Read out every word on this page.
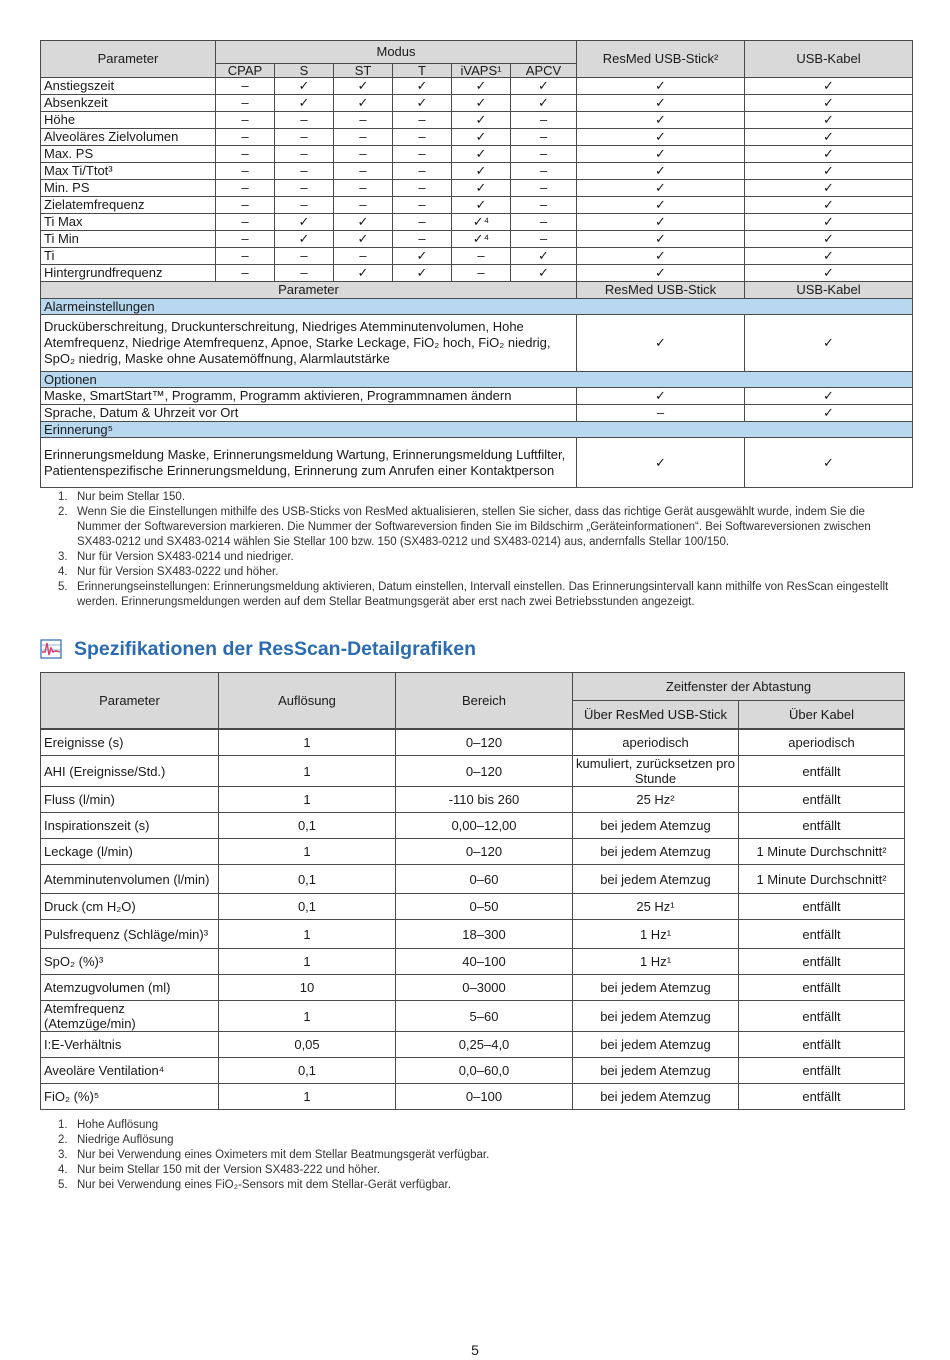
Parameter	Modus						ResMed USB-Stick²	USB-Kabel
	CPAP	S	ST	T	iVAPS¹	APCV		
Anstiegszeit	–	✓	✓	✓	✓	✓	✓	✓
Absenkzeit	–	✓	✓	✓	✓	✓	✓	✓
Höhe	–	–	–	–	✓	–	✓	✓
Alveoläres Zielvolumen	–	–	–	–	✓	–	✓	✓
Max. PS	–	–	–	–	✓	–	✓	✓
Max Ti/Ttot³	–	–	–	–	✓	–	✓	✓
Min. PS	–	–	–	–	✓	–	✓	✓
Zielatemfrequenz	–	–	–	–	✓	–	✓	✓
Ti Max	–	✓	✓	–	✓⁴	–	✓	✓
Ti Min	–	✓	✓	–	✓⁴	–	✓	✓
Ti	–	–	–	✓	–	✓	✓	✓
Hintergrundfrequenz	–	–	✓	✓	–	✓	✓	✓
Parameter							ResMed USB-Stick	USB-Kabel
Alarmeinstellungen								
Drucküberschreitung, Druckunterschreitung, Niedriges Atemminutenvolumen, Hohe Atemfrequenz, Niedrige Atemfrequenz, Apnoe, Starke Leckage, FiO₂ hoch, FiO₂ niedrig, SpO₂ niedrig, Maske ohne Ausatemöffnung, Alarmlautstärke							✓	✓
Optionen								
Maske, SmartStart™, Programm, Programm aktivieren, Programmnamen ändern							✓	✓
Sprache, Datum & Uhrzeit vor Ort							–	✓
Erinnerung⁵								
Erinnerungsmeldung Maske, Erinnerungsmeldung Wartung, Erinnerungsmeldung Luftfilter, Patientenspezifische Erinnerungsmeldung, Erinnerung zum Anrufen einer Kontaktperson							✓	✓
1. Nur beim Stellar 150.
2. Wenn Sie die Einstellungen mithilfe des USB-Sticks von ResMed aktualisieren, stellen Sie sicher, dass das richtige Gerät ausgewählt wurde, indem Sie die Nummer der Softwareversion markieren. Die Nummer der Softwareversion finden Sie im Bildschirm „Geräteinformationen“. Bei Softwareversionen zwischen SX483-0212 und SX483-0214 wählen Sie Stellar 100 bzw. 150 (SX483-0212 und SX483-0214) aus, andernfalls Stellar 100/150.
3. Nur für Version SX483-0214 und niedriger.
4. Nur für Version SX483-0222 und höher.
5. Erinnerungseinstellungen: Erinnerungsmeldung aktivieren, Datum einstellen, Intervall einstellen. Das Erinnerungsintervall kann mithilfe von ResScan eingestellt werden. Erinnerungsmeldungen werden auf dem Stellar Beatmungsgerät aber erst nach zwei Betriebsstunden angezeigt.
Spezifikationen der ResScan-Detailgrafiken
Parameter	Auflösung	Bereich	Zeitfenster der Abtastung	
			Über ResMed USB-Stick	Über Kabel

Ereignisse (s)	1	0–120	aperiodisch	aperiodisch
AHI (Ereignisse/Std.)	1	0–120	kumuliert, zurücksetzen pro Stunde	entfällt
Fluss (l/min)	1	-110 bis 260	25 Hz²	entfällt
Inspirationszeit (s)	0,1	0,00–12,00	bei jedem Atemzug	entfällt
Leckage (l/min)	1	0–120	bei jedem Atemzug	1 Minute Durchschnitt²
Atemminutenvolumen (l/min)	0,1	0–60	bei jedem Atemzug	1 Minute Durchschnitt²
Druck (cm H₂O)	0,1	0–50	25 Hz¹	entfällt
Pulsfrequenz (Schläge/min)³	1	18–300	1 Hz¹	entfällt
SpO₂ (%)³	1	40–100	1 Hz¹	entfällt
Atemzugvolumen (ml)	10	0–3000	bei jedem Atemzug	entfällt
Atemfrequenz (Atemzüge/min)	1	5–60	bei jedem Atemzug	entfällt
I:E-Verhältnis	0,05	0,25–4,0	bei jedem Atemzug	entfällt
Aveoläre Ventilation⁴	0,1	0,0–60,0	bei jedem Atemzug	entfällt
FiO₂ (%)⁵	1	0–100	bei jedem Atemzug	entfällt
1. Hohe Auflösung
2. Niedrige Auflösung
3. Nur bei Verwendung eines Oximeters mit dem Stellar Beatmungsgerät verfügbar.
4. Nur beim Stellar 150 mit der Version SX483-222 und höher.
5. Nur bei Verwendung eines FiO₂-Sensors mit dem Stellar-Gerät verfügbar.
5
